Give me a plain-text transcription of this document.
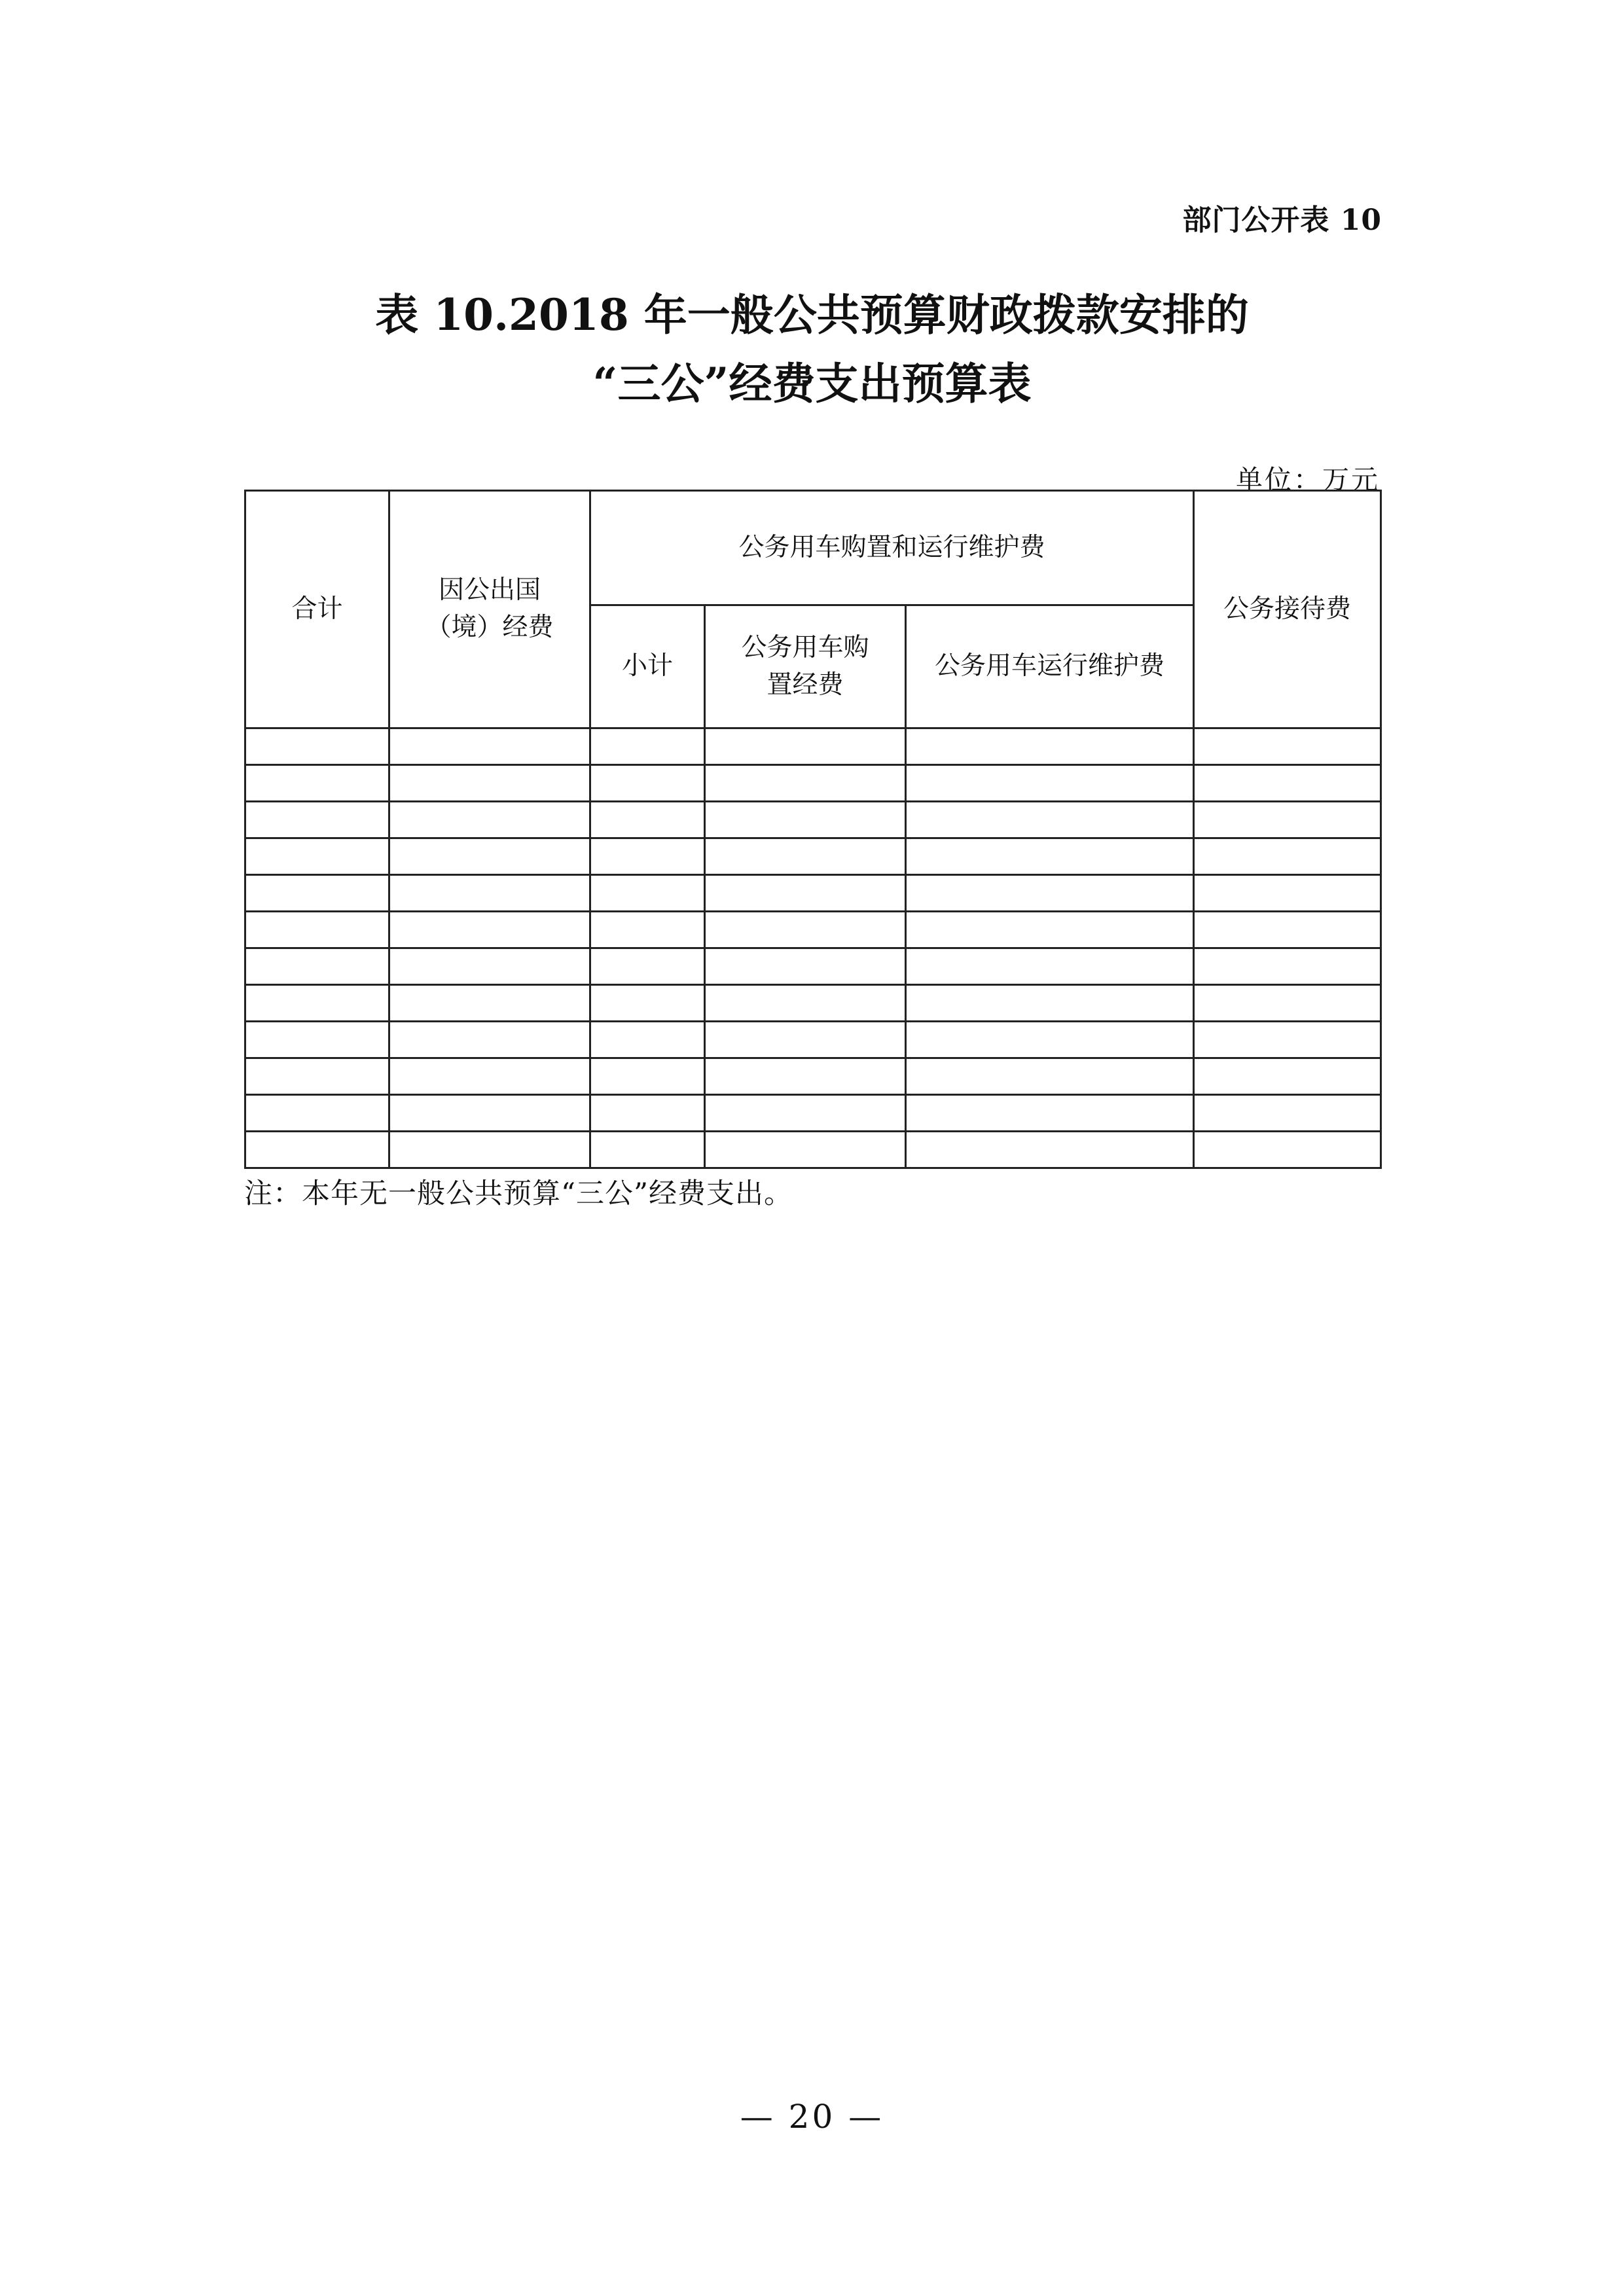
部门公开表 10
表 10.2018 年一般公共预算财政拨款安排的
“三公”经费支出预算表
单位：万元
合计	因公出国（境）经费	公务用车购置和运行维护费			公务接待费
		小计	公务用车购置经费	公务用车运行维护费	

注：本年无一般公共预算“三公”经费支出。
— 20 —
